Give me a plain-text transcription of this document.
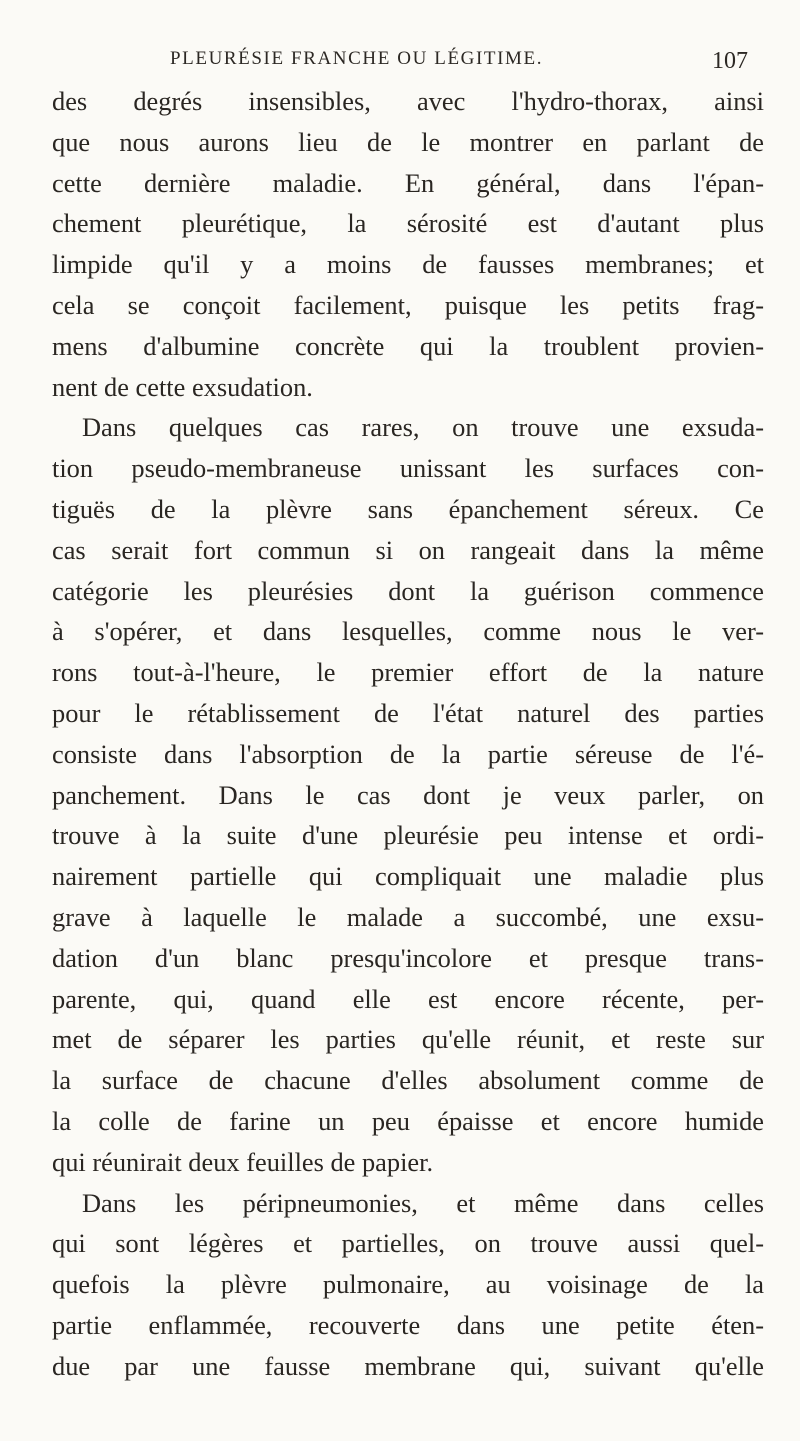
PLEURÉSIE FRANCHE OU LÉGITIME.	107
des degrés insensibles, avec l'hydro-thorax, ainsi
que nous aurons lieu de le montrer en parlant de
cette dernière maladie. En général, dans l'épan-
chement pleurétique, la sérosité est d'autant plus
limpide qu'il y a moins de fausses membranes; et
cela se conçoit facilement, puisque les petits frag-
mens d'albumine concrète qui la troublent provien-
nent de cette exsudation.
Dans quelques cas rares, on trouve une exsuda-
tion pseudo-membraneuse unissant les surfaces con-
tiguës de la plèvre sans épanchement séreux. Ce
cas serait fort commun si on rangeait dans la même
catégorie les pleurésies dont la guérison commence
à s'opérer, et dans lesquelles, comme nous le ver-
rons tout-à-l'heure, le premier effort de la nature
pour le rétablissement de l'état naturel des parties
consiste dans l'absorption de la partie séreuse de l'é-
panchement. Dans le cas dont je veux parler, on
trouve à la suite d'une pleurésie peu intense et ordi-
nairement partielle qui compliquait une maladie plus
grave à laquelle le malade a succombé, une exsu-
dation d'un blanc presqu'incolore et presque trans-
parente, qui, quand elle est encore récente, per-
met de séparer les parties qu'elle réunit, et reste sur
la surface de chacune d'elles absolument comme de
la colle de farine un peu épaisse et encore humide
qui réunirait deux feuilles de papier.
Dans les péripneumonies, et même dans celles
qui sont légères et partielles, on trouve aussi quel-
quefois la plèvre pulmonaire, au voisinage de la
partie enflammée, recouverte dans une petite éten-
due par une fausse membrane qui, suivant qu'elle
